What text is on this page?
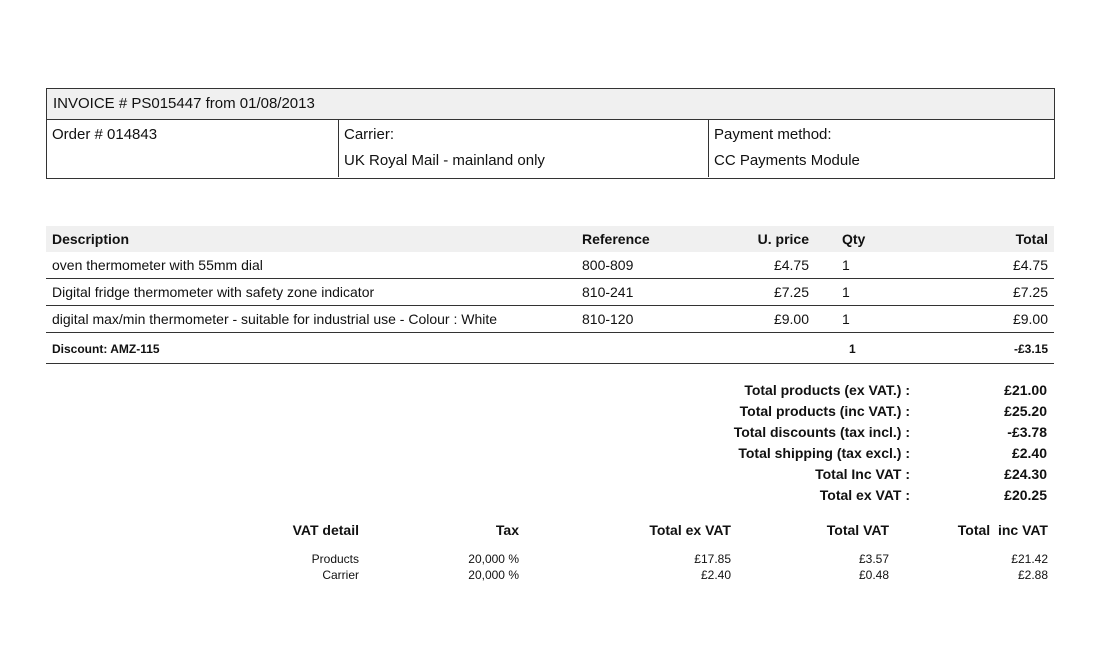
INVOICE # PS015447 from 01/08/2013
Order # 014843	Carrier:
UK Royal Mail - mainland only
Payment method:
CC Payments Module
Description	Reference	U. price Qty	Total
oven thermometer with 55mm dial	800-809	£4.75 1	£4.75
Digital fridge thermometer with safety zone indicator	810-241	£7.25 1	£7.25
digital max/min thermometer - suitable for industrial use - Colour : White	810-120	£9.00 1	£9.00
Discount: AMZ-115	1	-£3.15
Total products (ex VAT.) :	£21.00
Total products (inc VAT.) :	£25.20
Total discounts (tax incl.) :	-£3.78
Total shipping (tax excl.) :	£2.40
Total Inc VAT :	£24.30
Total ex VAT :	£20.25
VAT detail	Tax	Total ex VAT	Total VAT	Total  inc VAT
Products	20,000 %	£17.85	£3.57	£21.42
Carrier	20,000 %	£2.40	£0.48	£2.88
